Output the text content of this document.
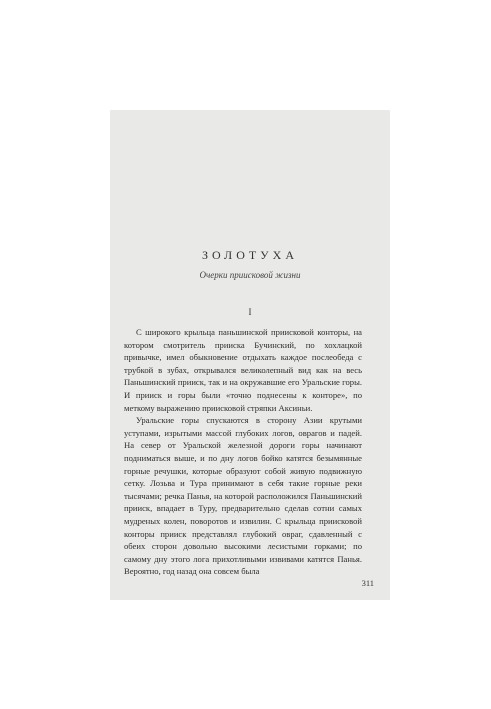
ЗОЛОТУХА
Очерки приисковой жизни
I

С широкого крыльца паньшинской приисковой конторы, на котором смотритель прииска Бучинский, по хохлацкой привычке, имел обыкновение отдыхать каждое послеобеда с трубкой в зубах, открывался великолепный вид как на весь Паньшинский прииск, так и на окружавшие его Уральские горы. И прииск и горы были «точно поднесены к конторе», по меткому выражению приисковой стряпки Аксиньи.

Уральские горы спускаются в сторону Азии крутыми уступами, изрытыми массой глубоких логов, оврагов и падей. На север от Уральской железной дороги горы начинают подниматься выше, и по дну логов бойко катятся безымянные горные речушки, которые образуют собой живую подвижную сетку. Лозьва и Тура принимают в себя такие горные реки тысячами; речка Панья, на которой расположился Паньшинский прииск, впадает в Туру, предварительно сделав сотни самых мудреных колен, поворотов и извилин. С крыльца приисковой конторы прииск представлял глубокий овраг, сдавленный с обеих сторон довольно высокими лесистыми горками; по самому дну этого лога прихотливыми извивами катятся Панья. Вероятно, год назад она совсем была

311
